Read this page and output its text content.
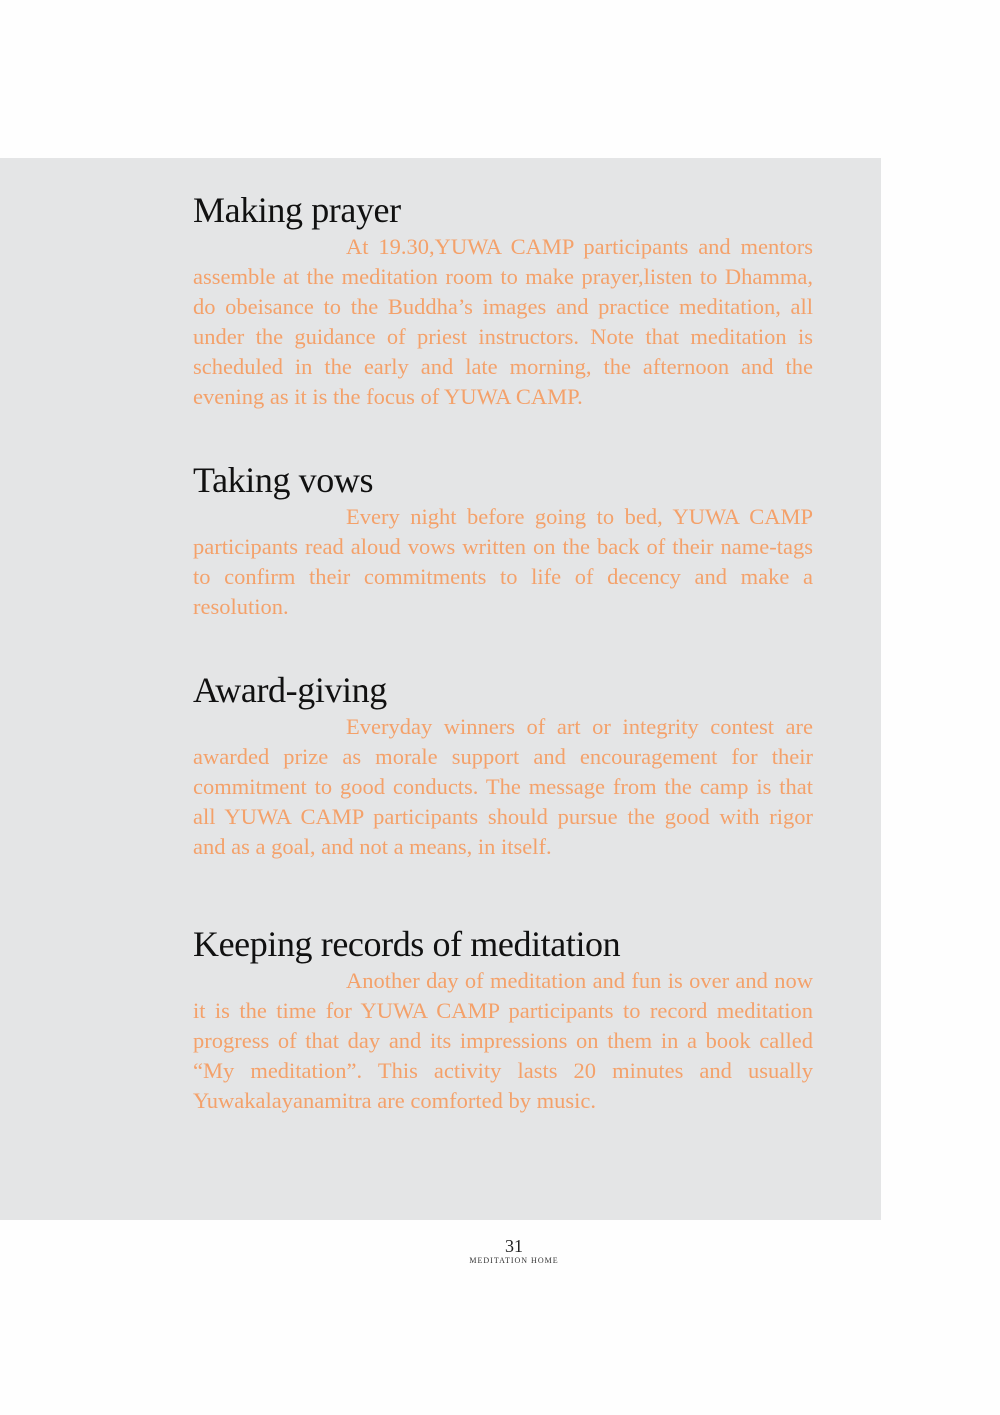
Making prayer

At 19.30,YUWA CAMP participants and mentors assemble at the meditation room to make prayer,listen to Dhamma, do obeisance to the Buddha’s images and practice meditation, all under the guidance of priest instructors. Note that meditation is scheduled in the early and late morning, the afternoon and the evening as it is the focus of YUWA CAMP.

Taking vows

Every night before going to bed, YUWA CAMP participants read aloud vows written on the back of their name-tags to confirm their commitments to life of decency and make a resolution.

Award-giving

Everyday winners of art or integrity contest are awarded prize as morale support and encouragement for their commitment to good conducts. The message from the camp is that all YUWA CAMP participants should pursue the good with rigor and as a goal, and not a means, in itself.

Keeping records of meditation

Another day of meditation and fun is over and now it is the time for YUWA CAMP participants to record meditation progress of that day and its impressions on them in a book called “My meditation”. This activity lasts 20 minutes and usually Yuwakalayanamitra are comforted by music.

31
MEDITATION HOME
